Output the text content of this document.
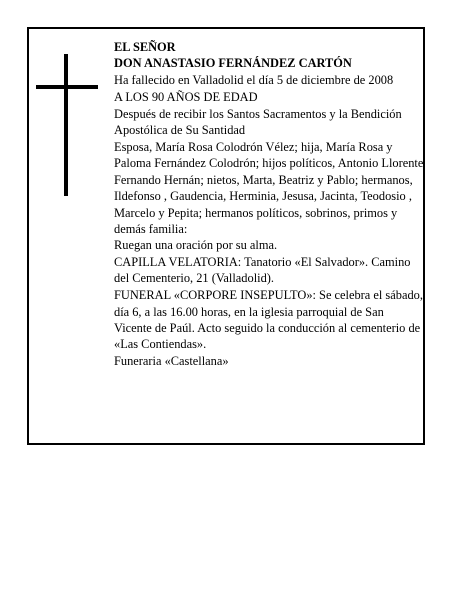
EL SEÑOR

DON ANASTASIO FERNÁNDEZ CARTÓN

Ha fallecido en Valladolid el día 5 de diciembre de 2008

A LOS 90 AÑOS DE EDAD

Después de recibir los Santos Sacramentos y la Bendición Apostólica de Su Santidad

Esposa, María Rosa Colodrón Vélez; hija, María Rosa y Paloma Fernández Colodrón; hijos políticos, Antonio Llorente Fernando Hernán; nietos, Marta, Beatriz y Pablo; hermanos, Ildefonso , Gaudencia, Herminia, Jesusa, Jacinta, Teodosio , Marcelo y Pepita; hermanos políticos, sobrinos, primos y demás familia:

Ruegan una oración por su alma.

CAPILLA VELATORIA: Tanatorio «El Salvador». Camino del Cementerio, 21 (Valladolid).

FUNERAL «CORPORE INSEPULTO»: Se celebra el sábado, día 6, a las 16.00 horas, en la iglesia parroquial de San Vicente de Paúl. Acto seguido la conducción al cementerio de «Las Contiendas».

Funeraria «Castellana»
